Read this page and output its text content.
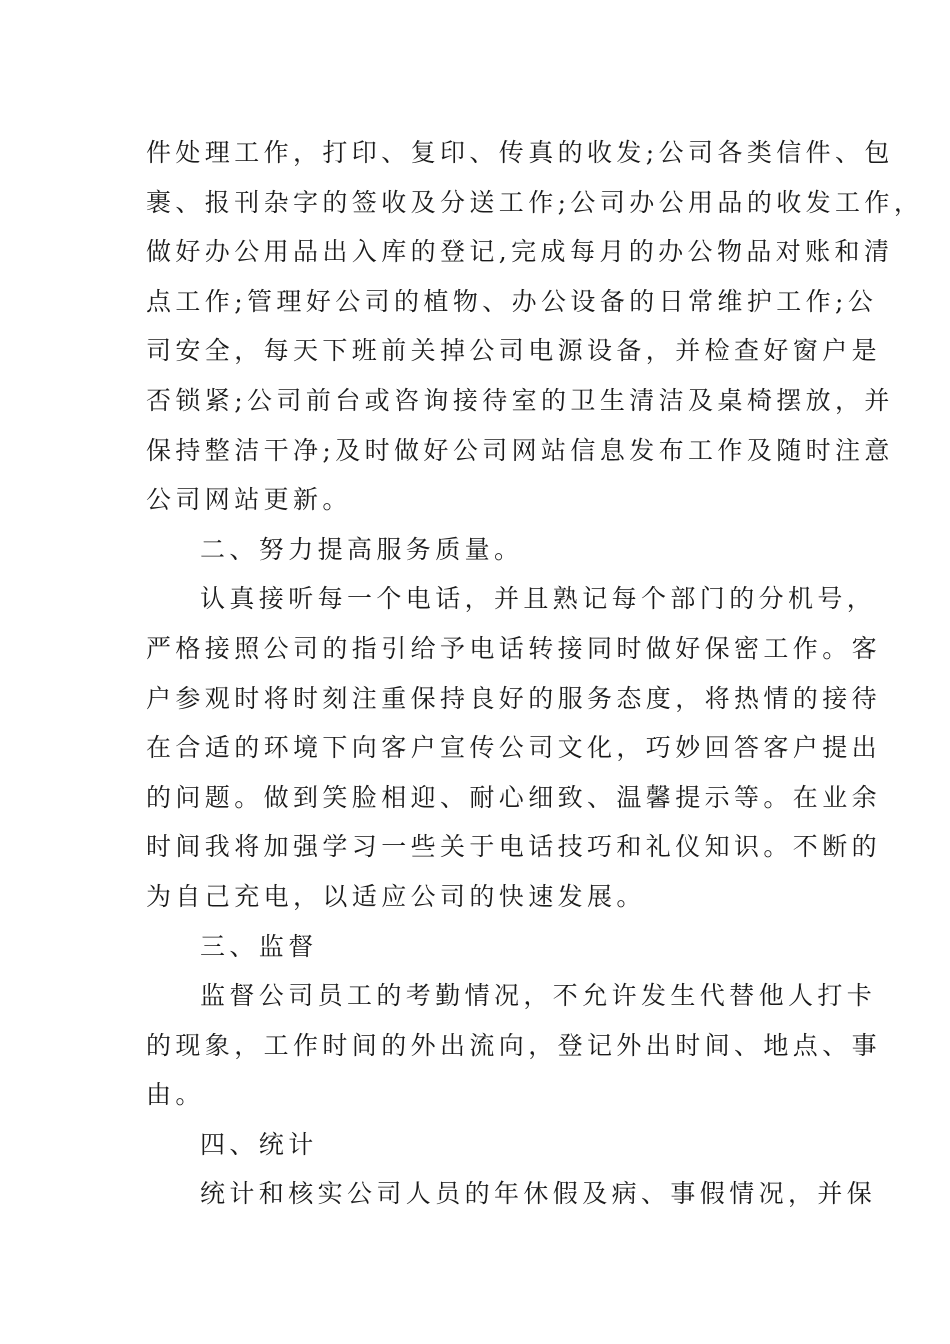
件处理工作，打印、复印、传真的收发;公司各类信件、包
裹、报刊杂字的签收及分送工作;公司办公用品的收发工作，
做好办公用品出入库的登记,完成每月的办公物品对账和清
点工作;管理好公司的植物、办公设备的日常维护工作;公
司安全，每天下班前关掉公司电源设备，并检查好窗户是
否锁紧;公司前台或咨询接待室的卫生清洁及桌椅摆放，并
保持整洁干净;及时做好公司网站信息发布工作及随时注意
公司网站更新。
二、努力提高服务质量。
认真接听每一个电话，并且熟记每个部门的分机号，
严格接照公司的指引给予电话转接同时做好保密工作。客
户参观时将时刻注重保持良好的服务态度，将热情的接待
在合适的环境下向客户宣传公司文化，巧妙回答客户提出
的问题。做到笑脸相迎、耐心细致、温馨提示等。在业余
时间我将加强学习一些关于电话技巧和礼仪知识。不断的
为自己充电，以适应公司的快速发展。
三、监督
监督公司员工的考勤情况，不允许发生代替他人打卡
的现象，工作时间的外出流向，登记外出时间、地点、事
由。
四、统计
统计和核实公司人员的年休假及病、事假情况，并保
